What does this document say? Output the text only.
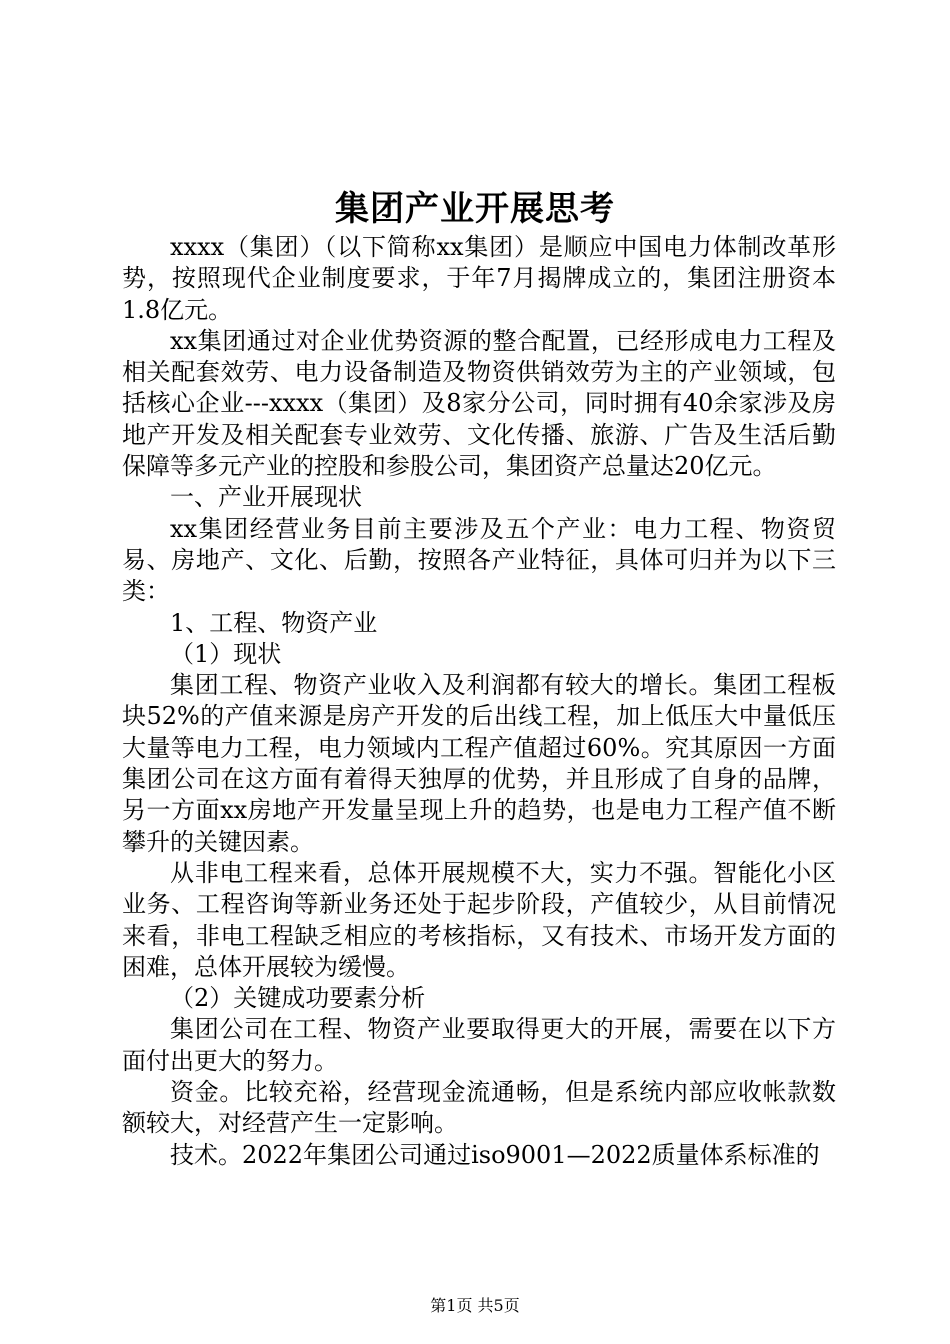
集团产业开展思考

xxxx（集团）（以下简称xx集团）是顺应中国电力体制改革形势，按照现代企业制度要求，于年7月揭牌成立的，集团注册资本1.8亿元。

xx集团通过对企业优势资源的整合配置，已经形成电力工程及相关配套效劳、电力设备制造及物资供销效劳为主的产业领域，包括核心企业---xxxx（集团）及8家分公司，同时拥有40余家涉及房地产开发及相关配套专业效劳、文化传播、旅游、广告及生活后勤保障等多元产业的控股和参股公司，集团资产总量达20亿元。

一、产业开展现状

xx集团经营业务目前主要涉及五个产业：电力工程、物资贸易、房地产、文化、后勤，按照各产业特征，具体可归并为以下三类：

1、工程、物资产业

（1）现状

集团工程、物资产业收入及利润都有较大的增长。集团工程板块52%的产值来源是房产开发的后出线工程，加上低压大中量低压大量等电力工程，电力领域内工程产值超过60%。究其原因一方面集团公司在这方面有着得天独厚的优势，并且形成了自身的品牌，另一方面xx房地产开发量呈现上升的趋势，也是电力工程产值不断攀升的关键因素。

从非电工程来看，总体开展规模不大，实力不强。智能化小区业务、工程咨询等新业务还处于起步阶段，产值较少，从目前情况来看，非电工程缺乏相应的考核指标，又有技术、市场开发方面的困难，总体开展较为缓慢。

（2）关键成功要素分析

集团公司在工程、物资产业要取得更大的开展，需要在以下方面付出更大的努力。

资金。比较充裕，经营现金流通畅，但是系统内部应收帐款数额较大，对经营产生一定影响。

技术。2022年集团公司通过iso9001—2022质量体系标准的

第1页 共5页
